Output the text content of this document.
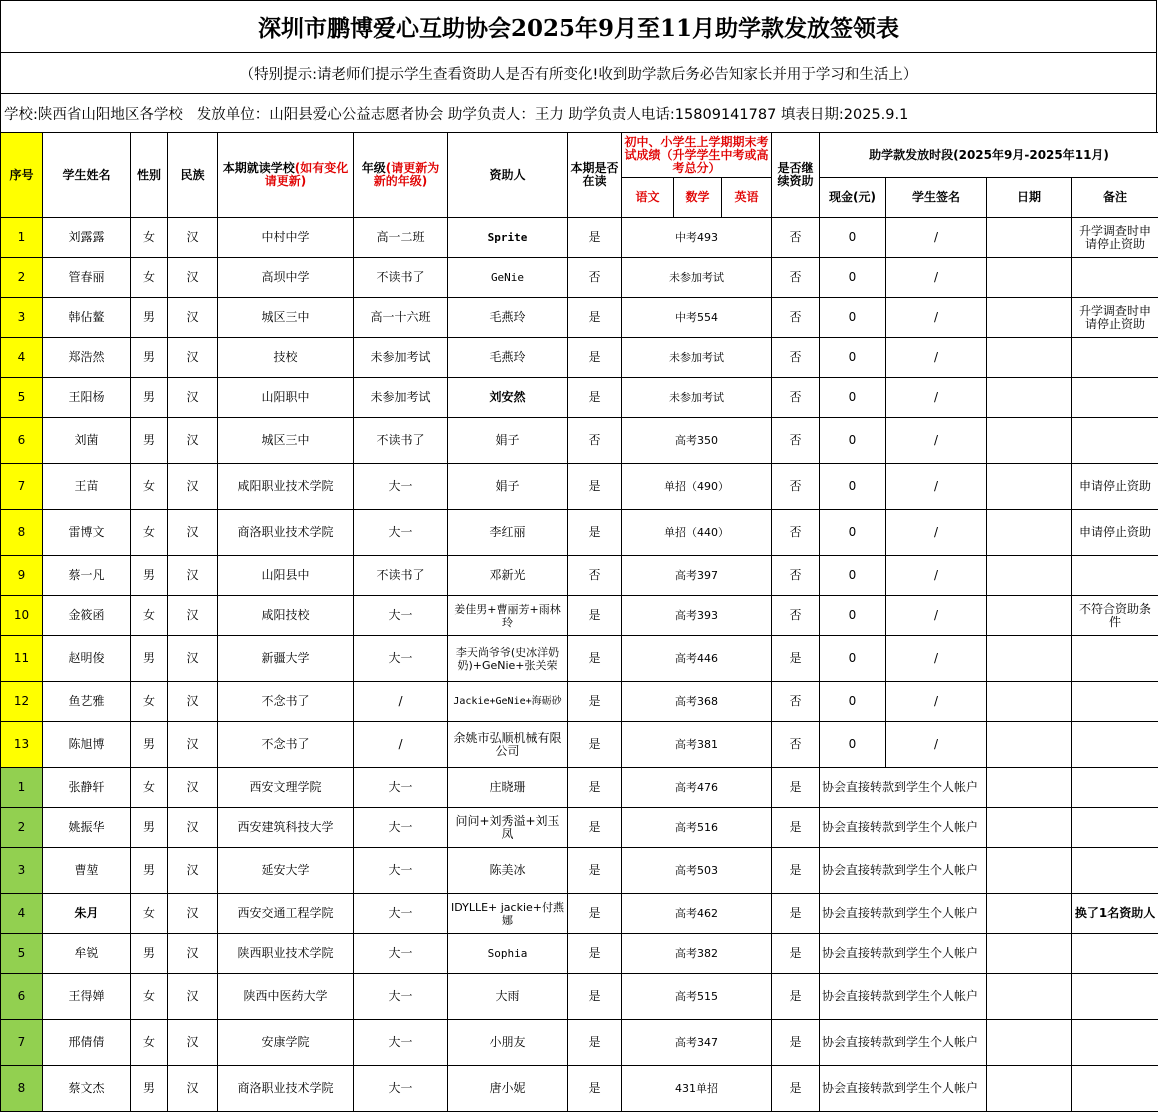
深圳市鹏博爱心互助协会2025年9月至11月助学款发放签领表
（特别提示:请老师们提示学生查看资助人是否有所变化!收到助学款后务必告知家长并用于学习和生活上）
学校:陕西省山阳地区各学校   发放单位：山阳县爱心公益志愿者协会 助学负责人：王力 助学负责人电话:15809141787 填表日期:2025.9.1
序号	学生姓名	性别	民族	本期就读学校(如有变化请更新)	年级(请更新为新的年级)	资助人	本期是否在读	初中、小学生上学期期末考试成绩（升学学生中考或高考总分）			是否继续资助	助学款发放时段(2025年9月-2025年11月)			
								语文	数学	英语		现金(元)	学生签名	日期	备注
1	刘露露	女	汉	中村中学	高一二班	Sprite	是	中考493			否	0	/		升学调查时申请停止资助
2	管春丽	女	汉	高坝中学	不读书了	GeNie	否	未参加考试			否	0	/		
3	韩佔鳌	男	汉	城区三中	高一十六班	毛燕玲	是	中考554			否	0	/		升学调查时申请停止资助
4	郑浩然	男	汉	技校	未参加考试	毛燕玲	是	未参加考试			否	0	/		
5	王阳杨	男	汉	山阳职中	未参加考试	刘安然	是	未参加考试			否	0	/		
6	刘菌	男	汉	城区三中	不读书了	娟子	否	高考350			否	0	/		
7	王苗	女	汉	咸阳职业技术学院	大一	娟子	是	单招（490）			否	0	/		申请停止资助
8	雷博文	女	汉	商洛职业技术学院	大一	李红丽	是	单招（440）			否	0	/		申请停止资助
9	蔡一凡	男	汉	山阳县中	不读书了	邓新光	否	高考397			否	0	/		
10	金筱函	女	汉	咸阳技校	大一	姜佳男+曹丽芳+雨林玲	是	高考393			否	0	/		不符合资助条件
11	赵明俊	男	汉	新疆大学	大一	李天尚爷爷(史冰洋奶奶)+GeNie+张关荣	是	高考446			是	0	/		
12	鱼艺雅	女	汉	不念书了	/	Jackie+GeNie+海砺砂	是	高考368			否	0	/		
13	陈旭博	男	汉	不念书了	/	余姚市弘顺机械有限公司	是	高考381			否	0	/		
1	张静轩	女	汉	西安文理学院	大一	庄晓珊	是	高考476			是	协会直接转款到学生个人帐户			
2	姚振华	男	汉	西安建筑科技大学	大一	问问+刘秀溢+刘玉凤	是	高考516			是	协会直接转款到学生个人帐户			
3	曹堃	男	汉	延安大学	大一	陈美冰	是	高考503			是	协会直接转款到学生个人帐户			
4	朱月	女	汉	西安交通工程学院	大一	IDYLLE+ jackie+付燕娜	是	高考462			是	协会直接转款到学生个人帐户			换了1名资助人
5	牟锐	男	汉	陕西职业技术学院	大一	Sophia	是	高考382			是	协会直接转款到学生个人帐户			
6	王得婵	女	汉	陕西中医药大学	大一	大雨	是	高考515			是	协会直接转款到学生个人帐户			
7	邢倩倩	女	汉	安康学院	大一	小朋友	是	高考347			是	协会直接转款到学生个人帐户			
8	蔡文杰	男	汉	商洛职业技术学院	大一	唐小妮	是	431单招			是	协会直接转款到学生个人帐户			
